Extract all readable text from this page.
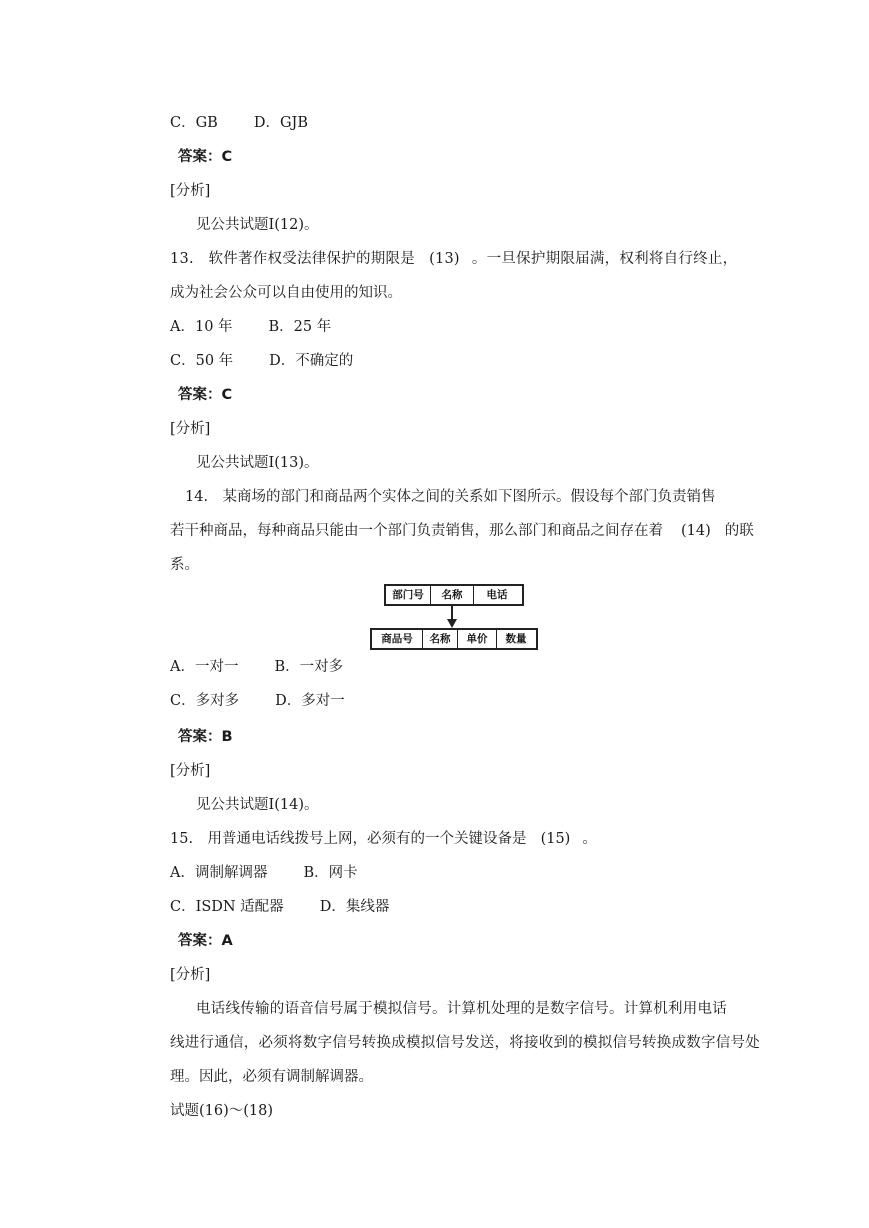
C．GB D．GJB
答案：C
[分析]
见公共试题Ⅰ(12)。
13.　软件著作权受法律保护的期限是 (13) 。一旦保护期限届满，权利将自行终止，
成为社会公众可以自由使用的知识。
A．10 年 B．25 年
C．50 年 D．不确定的
答案：C
[分析]
见公共试题Ⅰ(13)。
14.　某商场的部门和商品两个实体之间的关系如下图所示。假设每个部门负责销售
若干种商品，每种商品只能由一个部门负责销售，那么部门和商品之间存在着 (14) 的联
系。
部门号	名称	电话
商品号	名称	单价	数量
A．一对一 B．一对多
C．多对多 D．多对一
答案：B
[分析]
见公共试题Ⅰ(14)。
15.　用普通电话线拨号上网，必须有的一个关键设备是 (15) 。
A．调制解调器 B．网卡
C．ISDN 适配器 D．集线器
答案：A
[分析]
电话线传输的语音信号属于模拟信号。计算机处理的是数字信号。计算机利用电话
线进行通信，必须将数字信号转换成模拟信号发送，将接收到的模拟信号转换成数字信号处
理。因此，必须有调制解调器。
试题(16)～(18)
